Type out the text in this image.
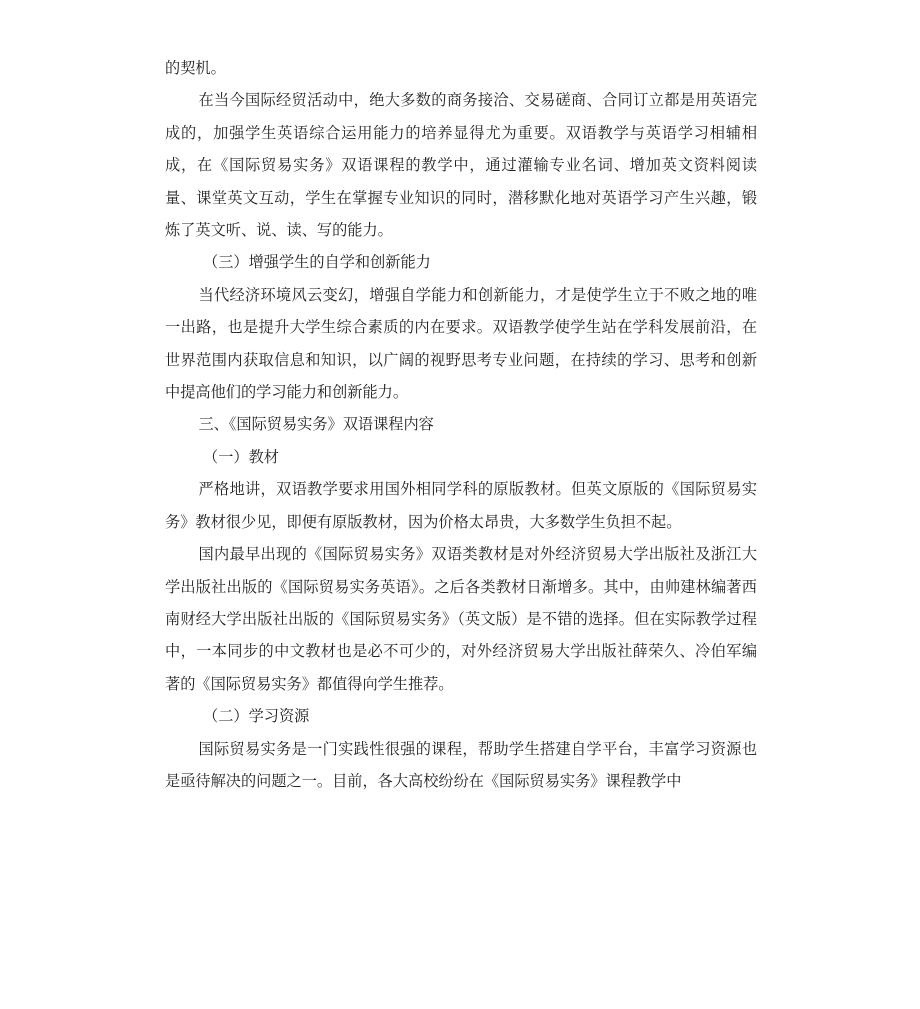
的契机。

在当今国际经贸活动中，绝大多数的商务接洽、交易磋商、合同订立都是用英语完成的，加强学生英语综合运用能力的培养显得尤为重要。双语教学与英语学习相辅相成，在《国际贸易实务》双语课程的教学中，通过灌输专业名词、增加英文资料阅读量、课堂英文互动，学生在掌握专业知识的同时，潜移默化地对英语学习产生兴趣，锻炼了英文听、说、读、写的能力。

（三）增强学生的自学和创新能力

当代经济环境风云变幻，增强自学能力和创新能力，才是使学生立于不败之地的唯一出路，也是提升大学生综合素质的内在要求。双语教学使学生站在学科发展前沿，在世界范围内获取信息和知识，以广阔的视野思考专业问题，在持续的学习、思考和创新中提高他们的学习能力和创新能力。

三、《国际贸易实务》双语课程内容

（一）教材

严格地讲，双语教学要求用国外相同学科的原版教材。但英文原版的《国际贸易实务》教材很少见，即便有原版教材，因为价格太昂贵，大多数学生负担不起。

国内最早出现的《国际贸易实务》双语类教材是对外经济贸易大学出版社及浙江大学出版社出版的《国际贸易实务英语》。之后各类教材日渐增多。其中，由帅建林编著西南财经大学出版社出版的《国际贸易实务》（英文版）是不错的选择。但在实际教学过程中，一本同步的中文教材也是必不可少的，对外经济贸易大学出版社薛荣久、冷伯军编著的《国际贸易实务》都值得向学生推荐。

（二）学习资源

国际贸易实务是一门实践性很强的课程，帮助学生搭建自学平台，丰富学习资源也是亟待解决的问题之一。目前，各大高校纷纷在《国际贸易实务》课程教学中
